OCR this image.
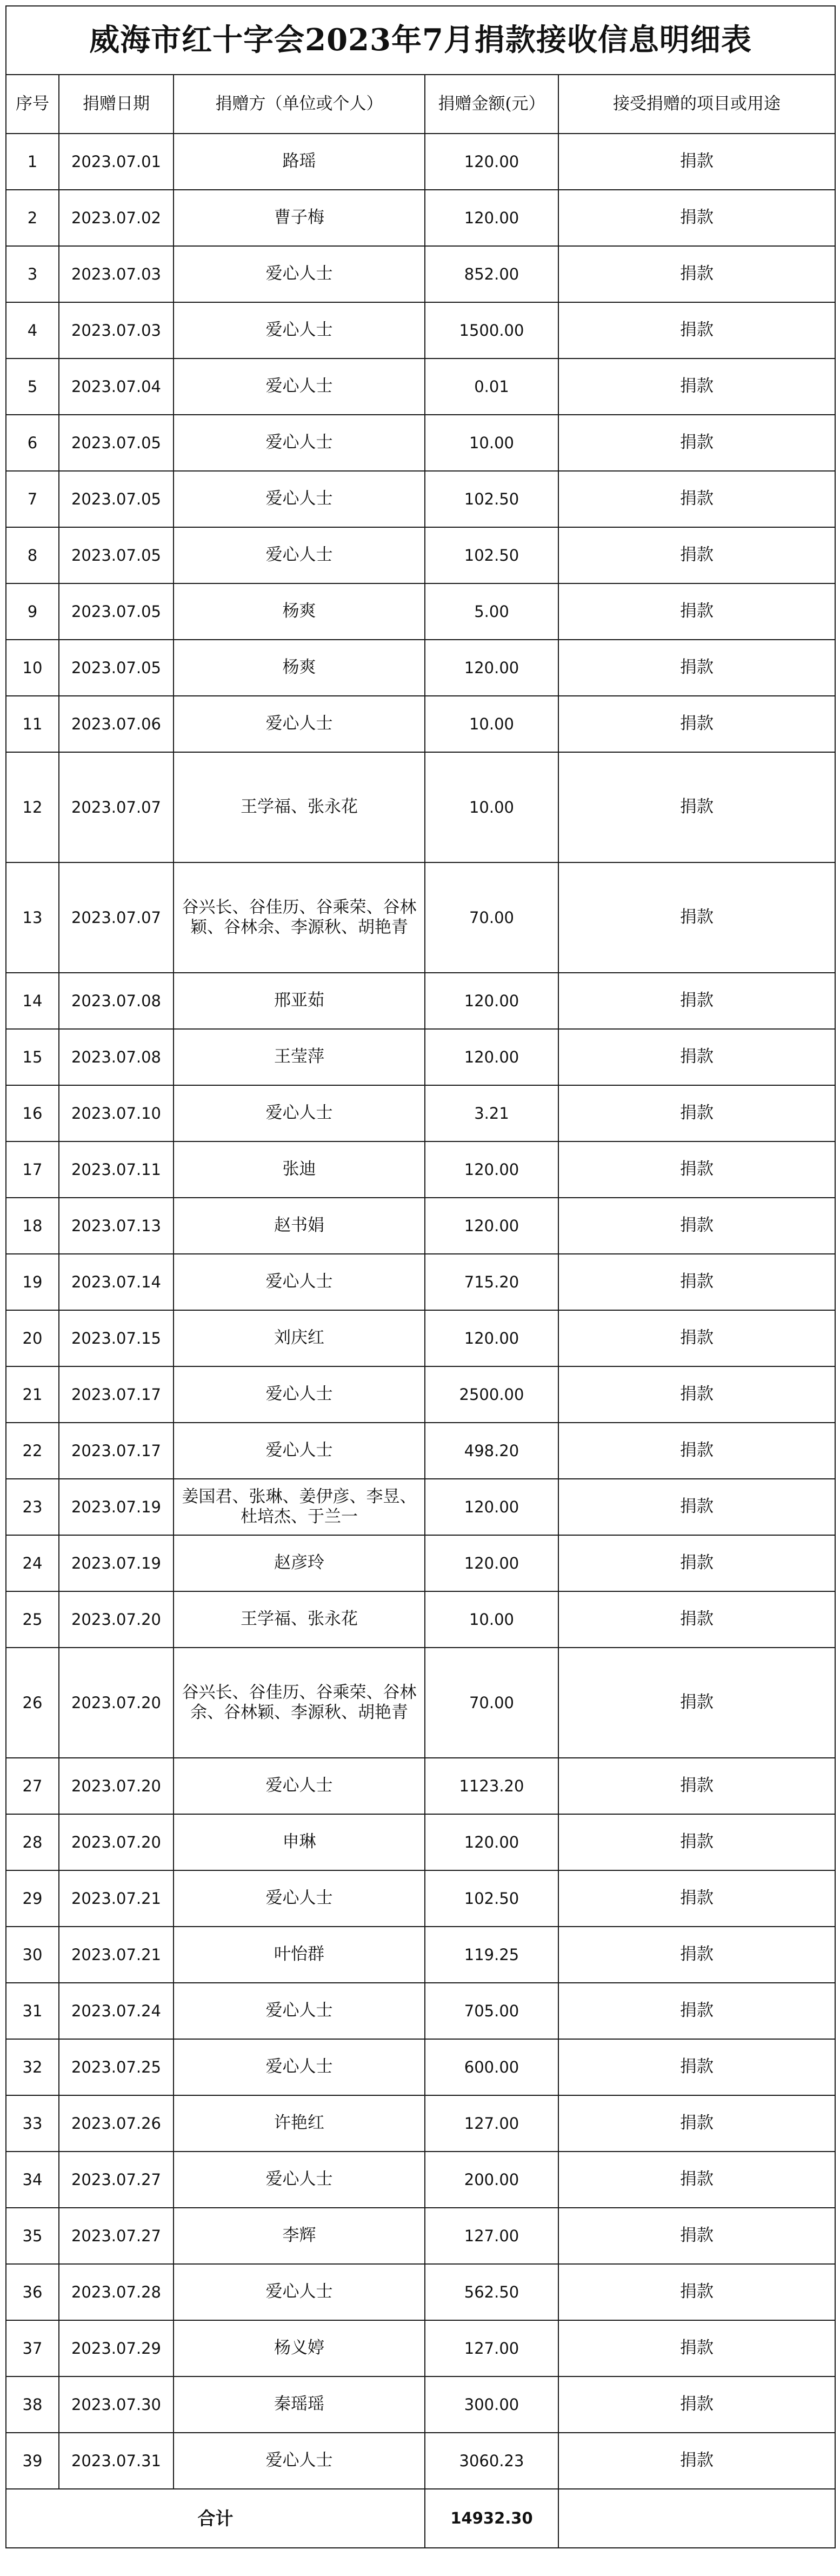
威海市红十字会2023年7月捐款接收信息明细表				
序号	捐赠日期	捐赠方（单位或个人）	捐赠金额(元）	接受捐赠的项目或用途
1	2023.07.01	路瑶	120.00	捐款
2	2023.07.02	曹子梅	120.00	捐款
3	2023.07.03	爱心人士	852.00	捐款
4	2023.07.03	爱心人士	1500.00	捐款
5	2023.07.04	爱心人士	0.01	捐款
6	2023.07.05	爱心人士	10.00	捐款
7	2023.07.05	爱心人士	102.50	捐款
8	2023.07.05	爱心人士	102.50	捐款
9	2023.07.05	杨爽	5.00	捐款
10	2023.07.05	杨爽	120.00	捐款
11	2023.07.06	爱心人士	10.00	捐款
12	2023.07.07	王学福、张永花	10.00	捐款
13	2023.07.07	谷兴长、谷佳历、谷乘荣、谷林颖、谷林余、李源秋、胡艳青	70.00	捐款
14	2023.07.08	邢亚茹	120.00	捐款
15	2023.07.08	王莹萍	120.00	捐款
16	2023.07.10	爱心人士	3.21	捐款
17	2023.07.11	张迪	120.00	捐款
18	2023.07.13	赵书娟	120.00	捐款
19	2023.07.14	爱心人士	715.20	捐款
20	2023.07.15	刘庆红	120.00	捐款
21	2023.07.17	爱心人士	2500.00	捐款
22	2023.07.17	爱心人士	498.20	捐款
23	2023.07.19	姜国君、张琳、姜伊彦、李昱、杜培杰、于兰一	120.00	捐款
24	2023.07.19	赵彦玲	120.00	捐款
25	2023.07.20	王学福、张永花	10.00	捐款
26	2023.07.20	谷兴长、谷佳历、谷乘荣、谷林余、谷林颖、李源秋、胡艳青	70.00	捐款
27	2023.07.20	爱心人士	1123.20	捐款
28	2023.07.20	申琳	120.00	捐款
29	2023.07.21	爱心人士	102.50	捐款
30	2023.07.21	叶怡群	119.25	捐款
31	2023.07.24	爱心人士	705.00	捐款
32	2023.07.25	爱心人士	600.00	捐款
33	2023.07.26	许艳红	127.00	捐款
34	2023.07.27	爱心人士	200.00	捐款
35	2023.07.27	李辉	127.00	捐款
36	2023.07.28	爱心人士	562.50	捐款
37	2023.07.29	杨义婷	127.00	捐款
38	2023.07.30	秦瑶瑶	300.00	捐款
39	2023.07.31	爱心人士	3060.23	捐款
合计			14932.30	
